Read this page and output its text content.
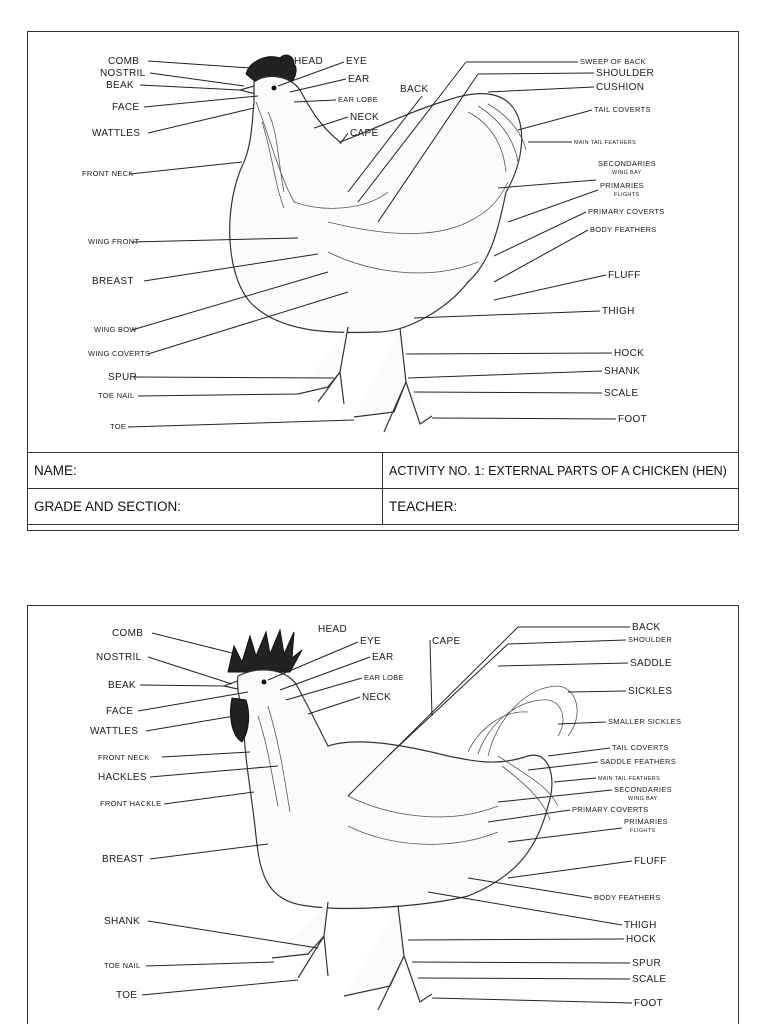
COMB
NOSTRIL
BEAK
FACE
WATTLES
FRONT NECK
WING FRONT
BREAST
WING BOW
WING COVERTS
SPUR
TOE NAIL
TOE
HEAD EYE
EAR
EAR LOBE
NECK
CAPE
BACK
SWEEP OF BACK
SHOULDER
CUSHION
TAIL COVERTS
MAIN TAIL FEATHERS
SECONDARIES
WING BAY
PRIMARIES
FLIGHTS
PRIMARY COVERTS
BODY FEATHERS
FLUFF
THIGH
HOCK
SHANK
SCALE
FOOT
NAME:	ACTIVITY NO. 1: EXTERNAL PARTS OF A CHICKEN (HEN)
GRADE AND SECTION:	TEACHER:
COMB
NOSTRIL
BEAK
FACE
WATTLES
FRONT NECK
HACKLES
FRONT HACKLE
BREAST
SHANK
TOE NAIL
TOE
HEAD
EYE
EAR
EAR LOBE
NECK
CAPE
BACK
SHOULDER
SADDLE
SICKLES
SMALLER SICKLES
TAIL COVERTS
SADDLE FEATHERS
MAIN TAIL FEATHERS
SECONDARIES
WING BAY
PRIMARY COVERTS
PRIMARIES
FLIGHTS
FLUFF
BODY FEATHERS
THIGH
HOCK
SPUR
SCALE
FOOT
